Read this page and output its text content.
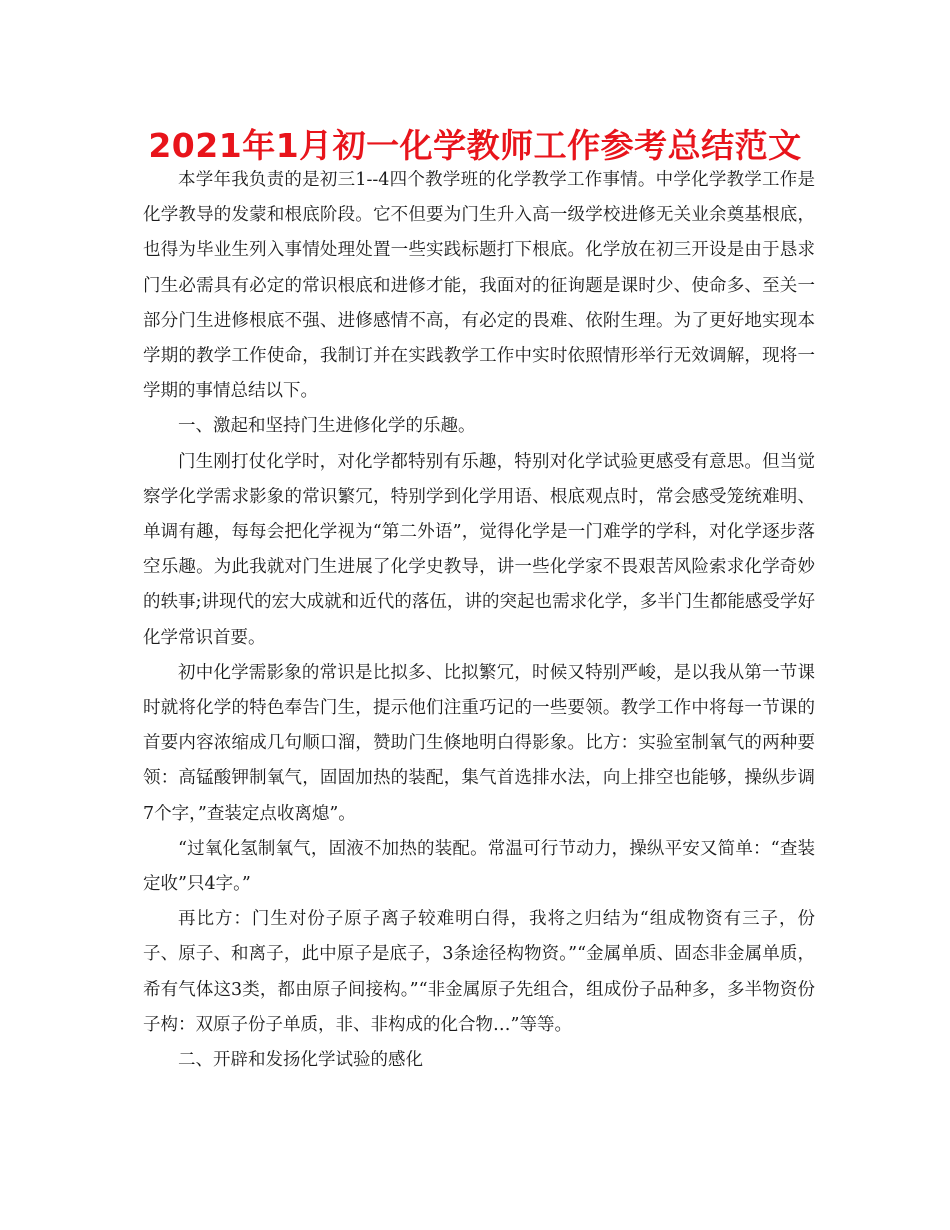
2021年1月初一化学教师工作参考总结范文

本学年我负责的是初三1--4四个教学班的化学教学工作事情。中学化学教学工作是化学教导的发蒙和根底阶段。它不但要为门生升入高一级学校进修无关业余奠基根底，也得为毕业生列入事情处理处置一些实践标题打下根底。化学放在初三开设是由于恳求门生必需具有必定的常识根底和进修才能，我面对的征询题是课时少、使命多、至关一部分门生进修根底不强、进修感情不高，有必定的畏难、依附生理。为了更好地实现本学期的教学工作使命，我制订并在实践教学工作中实时依照情形举行无效调解，现将一学期的事情总结以下。

一、激起和坚持门生进修化学的乐趣。

门生刚打仗化学时，对化学都特别有乐趣，特别对化学试验更感受有意思。但当觉察学化学需求影象的常识繁冗，特别学到化学用语、根底观点时，常会感受笼统难明、单调有趣，每每会把化学视为“第二外语”，觉得化学是一门难学的学科，对化学逐步落空乐趣。为此我就对门生进展了化学史教导，讲一些化学家不畏艰苦风险索求化学奇妙的轶事;讲现代的宏大成就和近代的落伍，讲的突起也需求化学，多半门生都能感受学好化学常识首要。

初中化学需影象的常识是比拟多、比拟繁冗，时候又特别严峻，是以我从第一节课时就将化学的特色奉告门生，提示他们注重巧记的一些要领。教学工作中将每一节课的首要内容浓缩成几句顺口溜，赞助门生倏地明白得影象。比方：实验室制氧气的两种要领：高锰酸钾制氧气，固固加热的装配，集气首选排水法，向上排空也能够，操纵步调7个字，”查装定点收离熄”。

“过氧化氢制氧气，固液不加热的装配。常温可行节动力，操纵平安又简单：“查装定收”只4字。”

再比方：门生对份子原子离子较难明白得，我将之归结为“组成物资有三子，份子、原子、和离子，此中原子是底子，3条途径构物资。”“金属单质、固态非金属单质，希有气体这3类，都由原子间接构。”“非金属原子先组合，组成份子品种多，多半物资份子构：双原子份子单质，非、非构成的化合物…”等等。

二、开辟和发扬化学试验的感化
